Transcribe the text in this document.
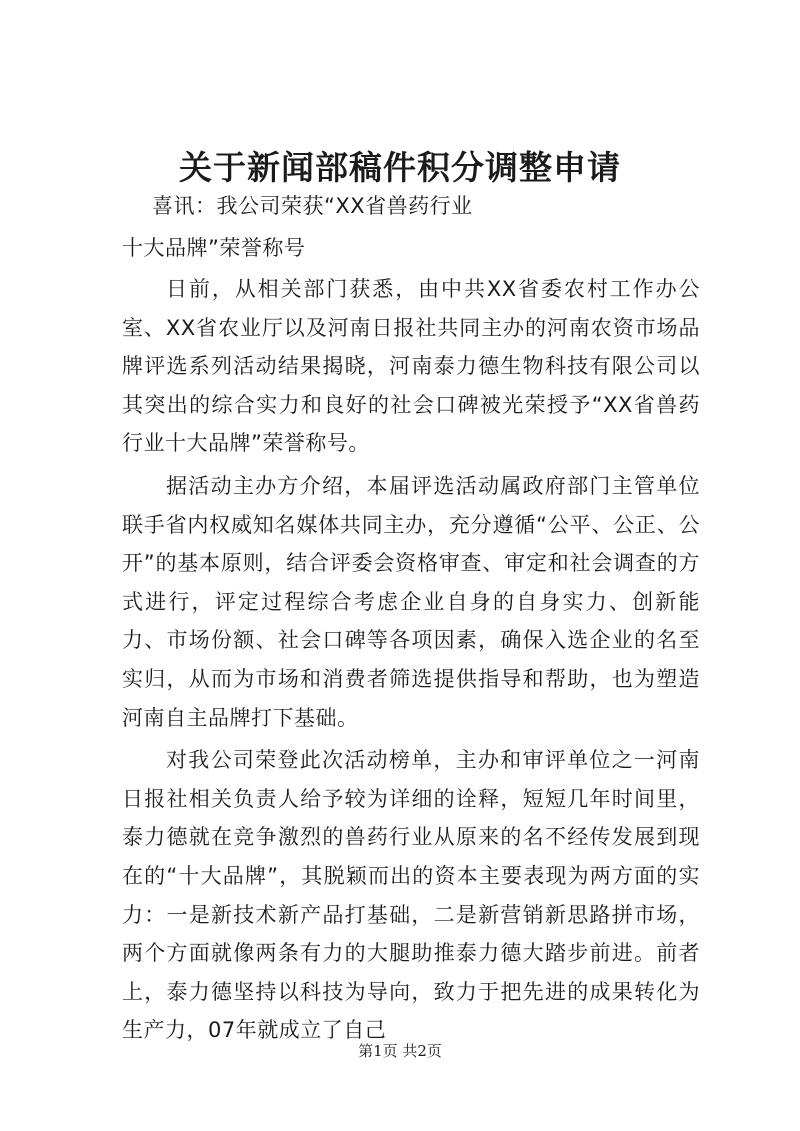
关于新闻部稿件积分调整申请
喜讯：我公司荣获“XX省兽药行业
十大品牌”荣誉称号

日前，从相关部门获悉，由中共XX省委农村工作办公室、XX省农业厅以及河南日报社共同主办的河南农资市场品牌评选系列活动结果揭晓，河南泰力德生物科技有限公司以其突出的综合实力和良好的社会口碑被光荣授予“XX省兽药行业十大品牌”荣誉称号。

据活动主办方介绍，本届评选活动属政府部门主管单位联手省内权威知名媒体共同主办，充分遵循“公平、公正、公开”的基本原则，结合评委会资格审查、审定和社会调查的方式进行，评定过程综合考虑企业自身的自身实力、创新能力、市场份额、社会口碑等各项因素，确保入选企业的名至实归，从而为市场和消费者筛选提供指导和帮助，也为塑造河南自主品牌打下基础。

对我公司荣登此次活动榜单，主办和审评单位之一河南日报社相关负责人给予较为详细的诠释，短短几年时间里，泰力德就在竞争激烈的兽药行业从原来的名不经传发展到现在的“十大品牌”，其脱颖而出的资本主要表现为两方面的实力：一是新技术新产品打基础，二是新营销新思路拼市场，两个方面就像两条有力的大腿助推泰力德大踏步前进。前者上，泰力德坚持以科技为导向，致力于把先进的成果转化为生产力，07年就成立了自己

第1页 共2页
